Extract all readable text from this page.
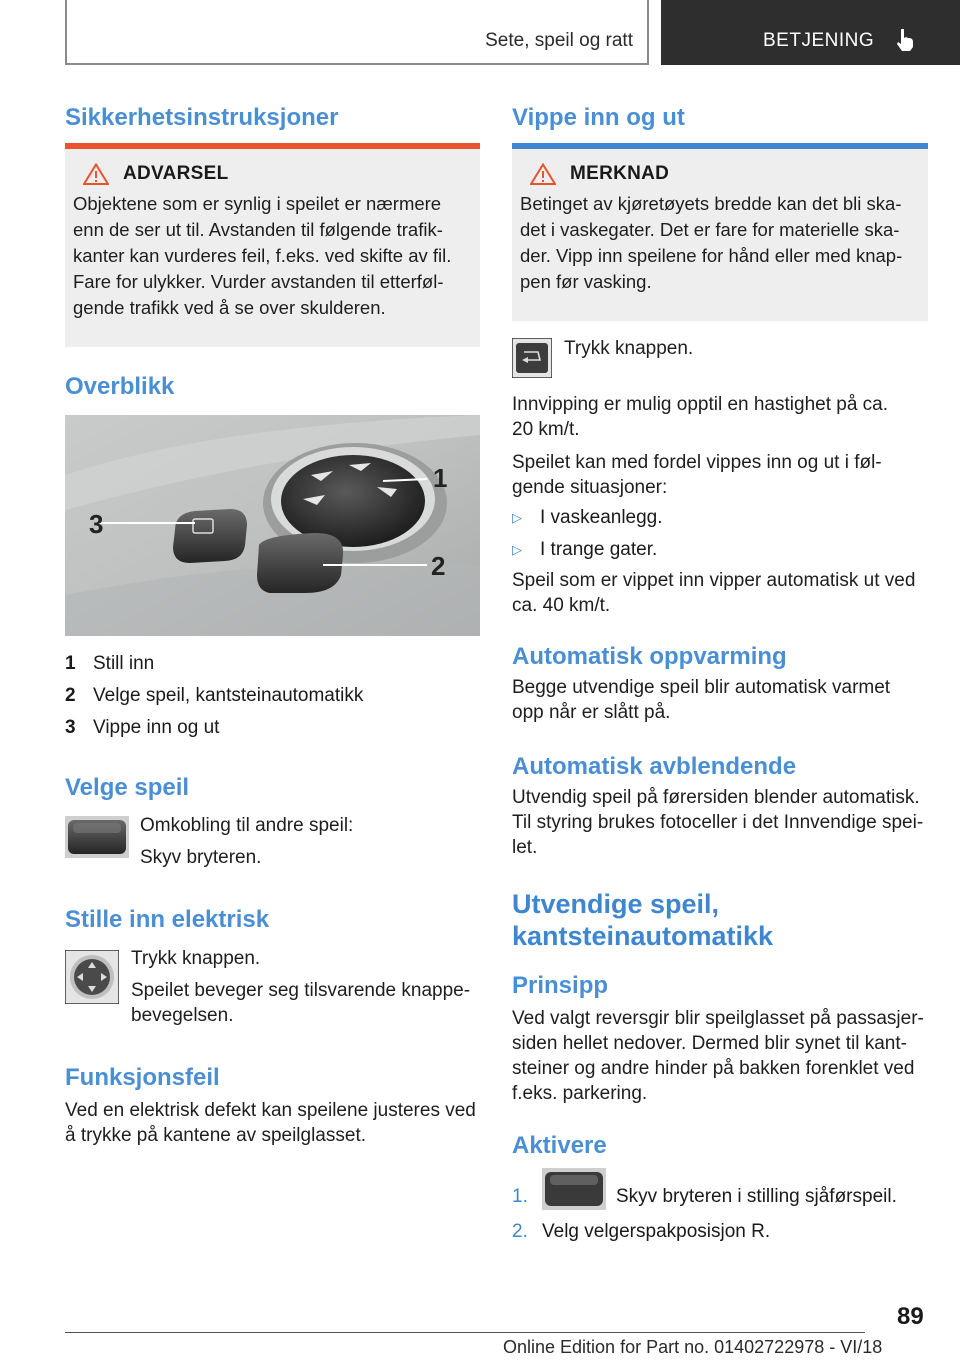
Sete, speil og ratt	BETJENING
Sikkerhetsinstruksjoner
ADVARSEL

Objektene som er synlig i speilet er nærmere

enn de ser ut til. Avstanden til følgende trafik-

kanter kan vurderes feil, f.eks. ved skifte av fil.

Fare for ulykker. Vurder avstanden til etterføl-

gende trafikk ved å se over skulderen.

Overblikk
1
2
3
1 Still inn
2 Velge speil, kantsteinautomatikk
3 Vippe inn og ut
Velge speil

Omkobling til andre speil:

Skyv bryteren.

Stille inn elektrisk

Trykk knappen.

Speilet beveger seg tilsvarende knappe-

bevegelsen.

Funksjonsfeil

Ved en elektrisk defekt kan speilene justeres ved

å trykke på kantene av speilglasset.

Vippe inn og ut
MERKNAD

Betinget av kjøretøyets bredde kan det bli ska-

det i vaskegater. Det er fare for materielle ska-

der. Vipp inn speilene for hånd eller med knap-

pen før vasking.

Trykk knappen.

Innvipping er mulig opptil en hastighet på ca.

20 km/t.

Speilet kan med fordel vippes inn og ut i føl-

gende situasjoner:

▷ I vaskeanlegg.
▷ I trange gater.

Speil som er vippet inn vipper automatisk ut ved

ca. 40 km/t.

Automatisk oppvarming

Begge utvendige speil blir automatisk varmet

opp når er slått på.

Automatisk avblendende

Utvendig speil på førersiden blender automatisk.

Til styring brukes fotoceller i det Innvendige spei-

let.

Utvendige speil,
kantsteinautomatikk
Prinsipp

Ved valgt reversgir blir speilglasset på passasjer-

siden hellet nedover. Dermed blir synet til kant-

steiner og andre hinder på bakken forenklet ved

f.eks. parkering.

Aktivere
1.	Skyv bryteren i stilling sjåførspeil.
2. Velg velgerspakposisjon R.
89
Online Edition for Part no. 01402722978 - VI/18
